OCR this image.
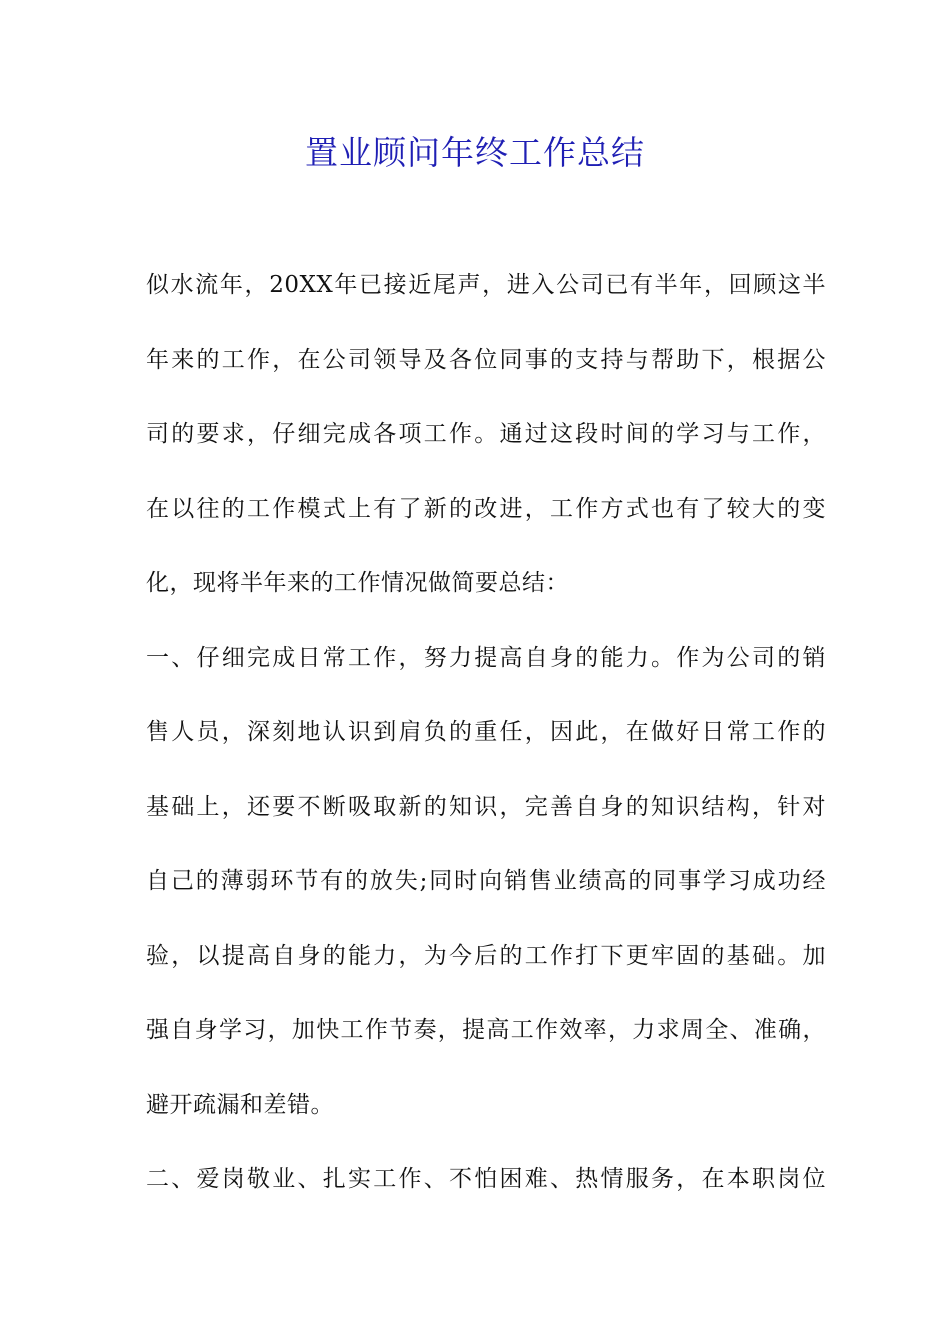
置业顾问年终工作总结
似水流年，20XX年已接近尾声，进入公司已有半年，回顾这半
年来的工作，在公司领导及各位同事的支持与帮助下，根据公
司的要求，仔细完成各项工作。通过这段时间的学习与工作，
在以往的工作模式上有了新的改进，工作方式也有了较大的变
化，现将半年来的工作情况做简要总结：
一、仔细完成日常工作，努力提高自身的能力。作为公司的销
售人员，深刻地认识到肩负的重任，因此，在做好日常工作的
基础上，还要不断吸取新的知识，完善自身的知识结构，针对
自己的薄弱环节有的放失;同时向销售业绩高的同事学习成功经
验，以提高自身的能力，为今后的工作打下更牢固的基础。加
强自身学习，加快工作节奏，提高工作效率，力求周全、准确，
避开疏漏和差错。
二、爱岗敬业、扎实工作、不怕困难、热情服务，在本职岗位
